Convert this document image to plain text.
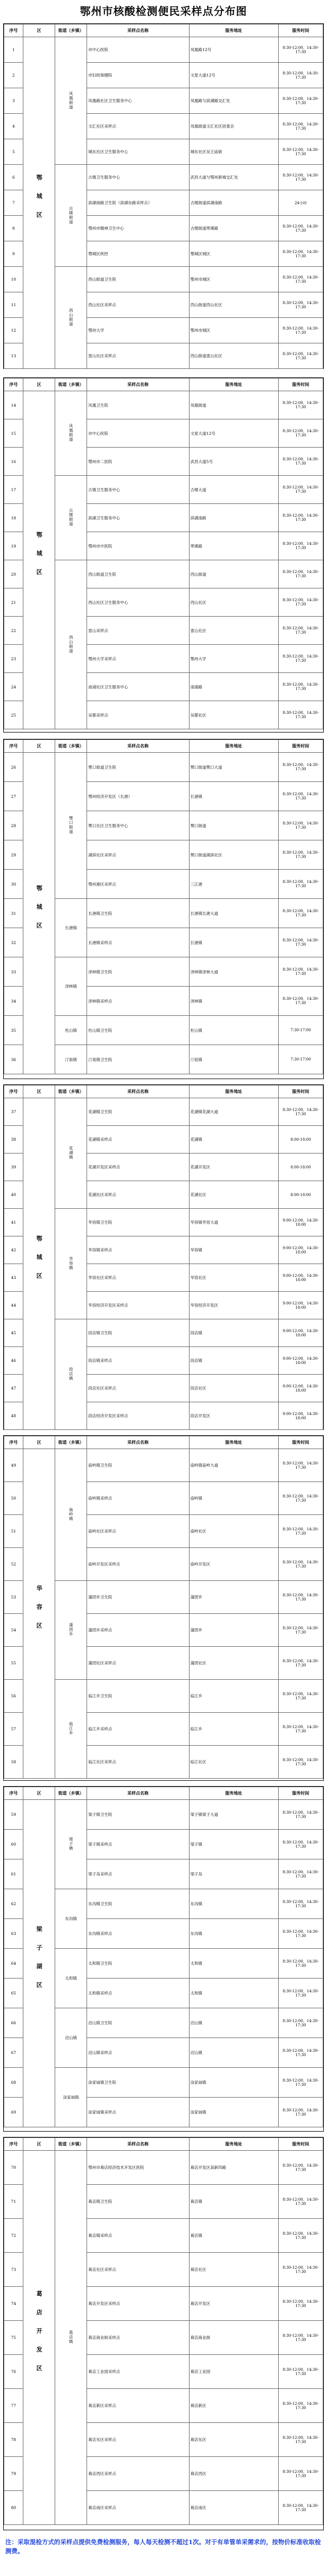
鄂州市核酸检测便民采样点分布图
序号	区	街道（乡镇）	采样点名称	服务地址	服务时间
1	鄂城区	凤凰街道	市中心医院	凤凰路12号	8:30-12:00，14:30-17:30
2			市妇幼保健院	文星大道12号	8:30-12:00，14:30-17:30
3			凤凰路社区卫生服务中心	凤凰路与滨湖路交汇处	8:30-12:00，14:30-17:30
4			文汇社区采样点	凤凰街道文汇社区居委会	8:30-12:00，14:30-17:30
5			城东社区卫生服务中心	城东社区吴王庙街	8:30-12:00，14:30-17:30
6		古楼街道	古楼卫生服务中心	武昌大道与鄂州新城交汇处	8:30-12:00，14:30-17:30
7			滨湖南路卫生院（滨湖东路采样点）	古楼街道滨湖南路	24小时
8			鄂州市精神卫生中心	古楼街道寒溪路	8:30-12:00，14:30-17:30
9			鄂城区疾控	鄂城区城区	8:30-12:00，14:30-17:30
10		西山街道	西山街道卫生院	鄂州市城区	8:30-12:00，14:30-17:30
11			西山社区采样点	西山街道西山社区	8:30-12:00，14:30-17:30
12			鄂州大学	鄂州市城区	8:30-12:00，14:30-17:30
13			雷山社区采样点	西山街道雷山社区	8:30-12:00，14:30-17:30
序号	区	街道（乡镇）	采样点名称	服务地址	服务时间
14	鄂城区	凤凰街道	凤凰卫生院	凤凰街道	8:30-12:00，14:30-17:30
15			市中心医院	文星大道12号	8:30-12:00，14:30-17:30
16			鄂州市二医院	武昌大道5号	8:30-12:00，14:30-17:30
17		古楼街道	古楼卫生服务中心	古楼大道	8:30-12:00，14:30-17:30
18			滨湖卫生服务中心	滨湖南路	8:30-12:00，14:30-17:30
19			鄂州市中医院	寒溪路	8:30-12:00，14:30-17:30
20		西山街道	西山街道卫生院	西山街道	8:30-12:00，14:30-17:30
21			西山社区卫生服务中心	西山社区	8:30-12:00，14:30-17:30
22			雷山采样点	雷山社区	8:30-12:00，14:30-17:30
23			鄂州大学采样点	鄂州大学	8:30-12:00，14:30-17:30
24			南浦社区卫生服务中心	南浦路	8:30-12:00，14:30-17:30
25			吴都采样点	吴都社区	8:30-12:00，14:30-17:30
序号	区	街道（乡镇）	采样点名称	服务地址	服务时间
26	鄂城区	樊口街道	樊口街道卫生院	樊口街道樊口大道	8:30-12:00，14:30-17:30
27			鄂州经济开发区（长港）	长港镇	8:30-12:00，14:30-17:30
28			樊口社区卫生服务中心	樊口街道	8:30-12:00，14:30-17:30
29			湖滨社区采样点	樊口街道湖滨社区	8:30-12:00，14:30-17:30
30			鄂州港区采样点	三江港	8:30-12:00，14:30-17:30
31		长港镇	长港镇卫生院	长港镇长港大道	8:30-12:00，14:30-17:30
32			长港镇采样点	长港镇	8:30-12:00，14:30-17:30
33		泽林镇	泽林镇卫生院	泽林镇泽林大道	8:30-12:00，14:30-17:30
34			泽林镇采样点	泽林镇	8:30-12:00，14:30-17:30
35		杜山镇	杜山镇卫生院	杜山镇	7:30-17:00
36		汀祖镇	汀祖镇卫生院	汀祖镇	7:30-17:00
序号	区	街道（乡镇）	采样点名称	服务地址	服务时间
37	鄂城区	花湖镇	花湖镇卫生院	花湖镇花湖大道	8:30-12:00，14:30-17:30
38			花湖镇采样点	花湖镇	8:00-18:00
39			花湖开发区采样点	花湖开发区	8:00-18:00
40			花湖社区采样点	花湖社区	8:00-18:00
41		华容镇	华容镇卫生院	华容镇华容大道	9:00-12:00，14:30-18:00
42			华容镇采样点	华容镇	9:00-12:00，14:30-18:00
43			华容社区采样点	华容社区	9:00-12:00，14:30-18:00
44			华容经济开发区采样点	华容经济开发区	9:00-12:00，14:30-18:00
45		段店镇	段店镇卫生院	段店镇	9:00-12:00，14:30-18:00
46			段店镇采样点	段店镇	9:00-12:00，14:30-18:00
47			段店社区采样点	段店社区	9:00-12:00，14:30-18:00
48			段店经济开发区采样点	段店开发区	9:00-12:00，14:30-18:00
序号	区	街道（乡镇）	采样点名称	服务地址	服务时间
49	华容区	庙岭镇	庙岭镇卫生院	庙岭镇庙岭大道	8:30-12:00，14:30-17:30
50			庙岭镇采样点	庙岭镇	8:30-12:00，14:30-17:30
51			庙岭社区采样点	庙岭社区	8:30-12:00，14:30-17:30
52			庙岭开发区采样点	庙岭开发区	8:30-12:00，14:30-17:30
53		蒲团乡	蒲团乡卫生院	蒲团乡	8:30-12:00，14:30-17:30
54			蒲团乡采样点	蒲团乡	8:30-12:00，14:30-17:30
55			蒲团社区采样点	蒲团社区	8:30-12:00，14:30-17:30
56		临江乡	临江乡卫生院	临江乡	8:30-12:00，14:30-17:30
57			临江乡采样点	临江乡	8:30-12:00，14:30-17:30
58			临江社区采样点	临江社区	8:30-12:00，14:30-17:30
序号	区	街道（乡镇）	采样点名称	服务地址	服务时间
59	梁子湖区	梁子镇	梁子镇卫生院	梁子镇梁子大道	8:30-12:00，14:30-17:30
60			梁子镇采样点	梁子镇	8:30-12:00，14:30-17:30
61			梁子岛采样点	梁子岛	8:30-12:00，14:30-17:30
62		东沟镇	东沟镇卫生院	东沟镇	8:30-12:00，14:30-17:30
63			东沟镇采样点	东沟镇	8:30-12:00，14:30-17:30
64		太和镇	太和镇卫生院	太和镇	8:30-12:00，14:30-17:30
65			太和镇采样点	太和镇	8:30-12:00，14:30-17:30
66		沼山镇	沼山镇卫生院	沼山镇	8:30-12:00，14:30-17:30
67			沼山镇采样点	沼山镇	8:30-12:00，14:30-17:30
68		涂家垴镇	涂家垴镇卫生院	涂家垴镇	8:30-12:00，14:30-17:30
69			涂家垴镇采样点	涂家垴镇	8:30-12:00，14:30-17:30
序号	区	街道（乡镇）	采样点名称	服务地址	服务时间
70	葛店开发区	葛店镇	鄂州市葛店经济技术开发区医院	葛店开发区高新四路	8:30-12:00，14:30-17:30
71			葛店镇卫生院	葛店镇	8:30-12:00，14:30-17:30
72			葛店镇采样点	葛店镇	8:30-12:00，14:30-17:30
73			葛店社区采样点	葛店社区	8:30-12:00，14:30-17:30
74			葛店开发区采样点	葛店开发区	8:30-12:00，14:30-17:30
75			葛店商业街采样点	葛店商业街	8:30-12:00，14:30-17:30
76			葛店工业园采样点	葛店工业园	8:30-12:00，14:30-17:30
77			葛店新区采样点	葛店新区	8:30-12:00，14:30-17:30
78			葛店东区采样点	葛店东区	8:30-12:00，14:30-17:30
79			葛店西区采样点	葛店西区	8:30-12:00，14:30-17:30
80			葛店南区采样点	葛店南区	8:30-12:00，14:30-17:30
注：采取混检方式的采样点提供免费检测服务，每人每天检测不超过1次。对于有单管单采需求的，按物价标准收取检测费。
